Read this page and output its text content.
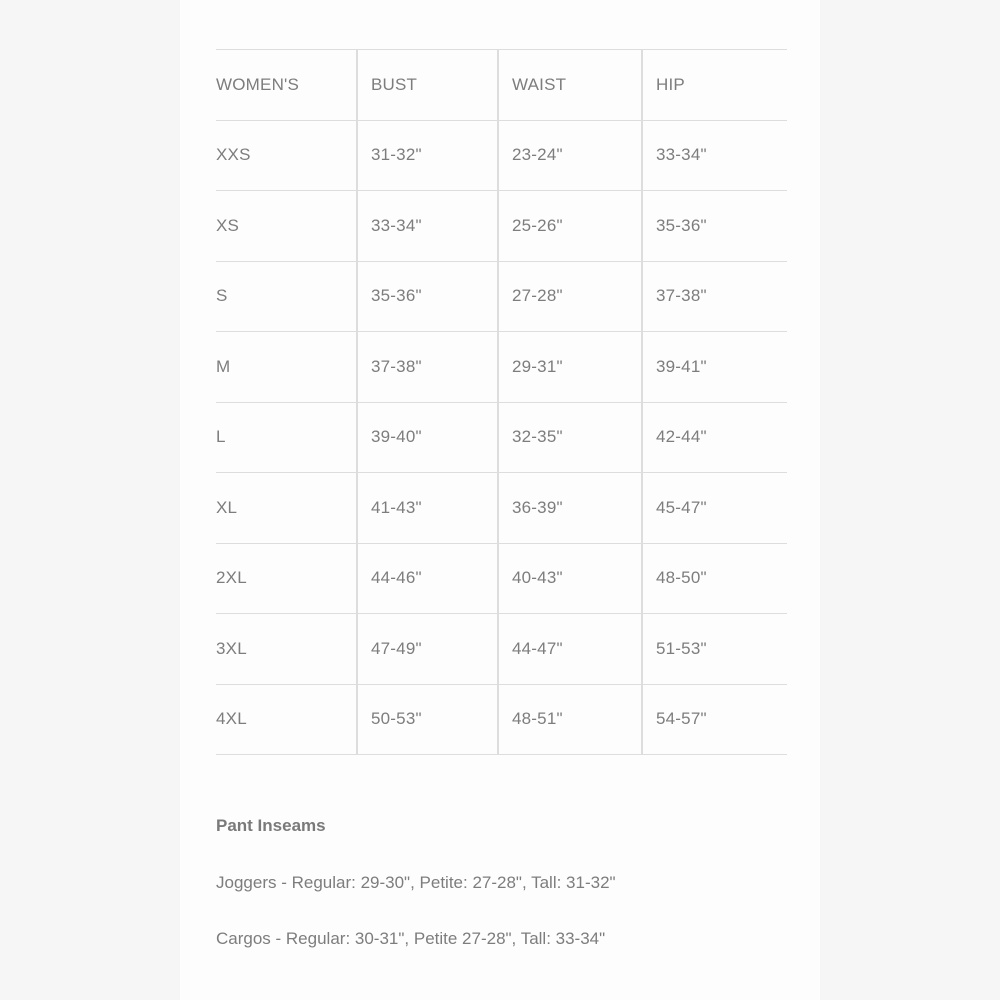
WOMEN'S	BUST	WAIST	HIP
XXS	31-32"	23-24"	33-34"
XS	33-34"	25-26"	35-36"
S	35-36"	27-28"	37-38"
M	37-38"	29-31"	39-41"
L	39-40"	32-35"	42-44"
XL	41-43"	36-39"	45-47"
2XL	44-46"	40-43"	48-50"
3XL	47-49"	44-47"	51-53"
4XL	50-53"	48-51"	54-57"
Pant Inseams

Joggers - Regular: 29-30", Petite: 27-28", Tall: 31-32"

Cargos - Regular: 30-31", Petite 27-28", Tall: 33-34"
